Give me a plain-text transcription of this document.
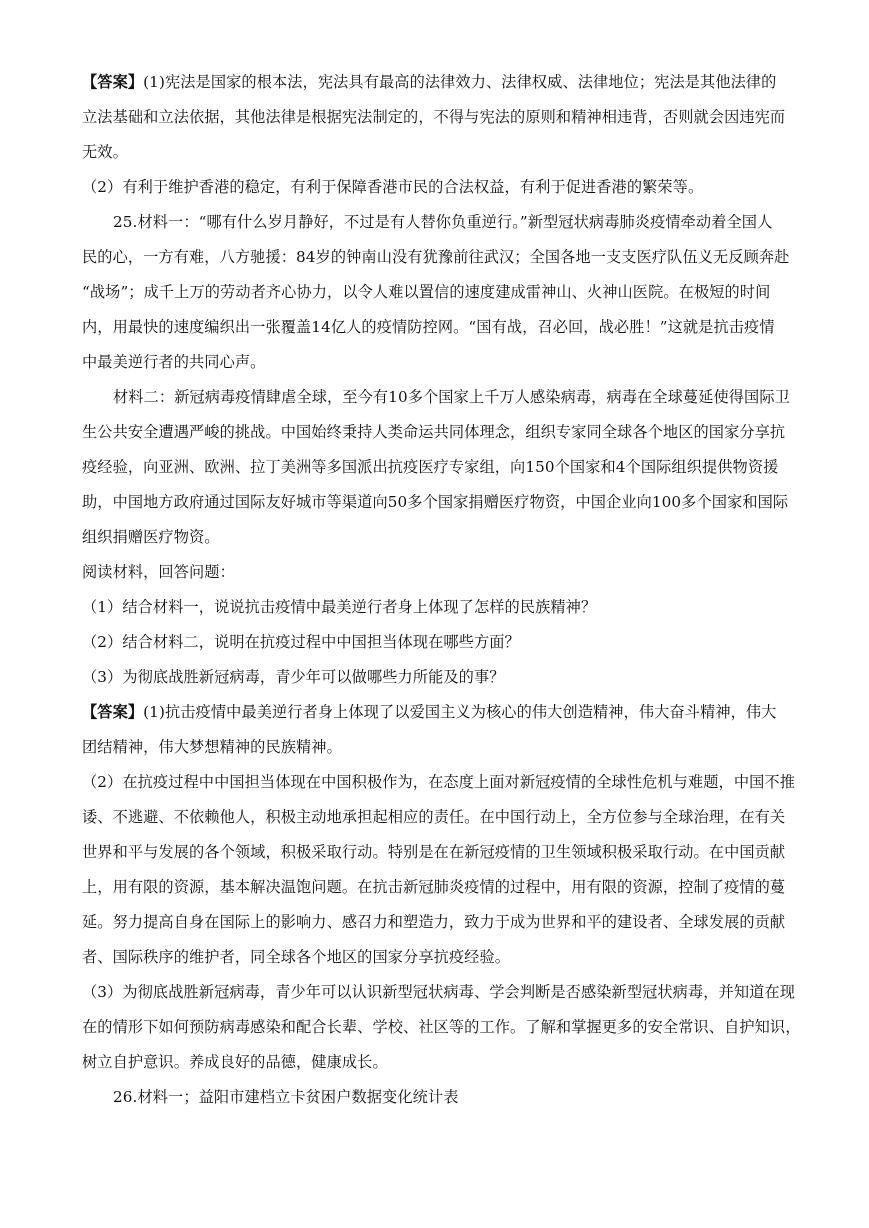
【答案】(1)宪法是国家的根本法，宪法具有最高的法律效力、法律权威、法律地位；宪法是其他法律的
立法基础和立法依据，其他法律是根据宪法制定的，不得与宪法的原则和精神相违背，否则就会因违宪而
无效。
（2）有利于维护香港的稳定，有利于保障香港市民的合法权益，有利于促进香港的繁荣等。
25.材料一：“哪有什么岁月静好，不过是有人替你负重逆行。”新型冠状病毒肺炎疫情牵动着全国人
民的心，一方有难，八方驰援：84岁的钟南山没有犹豫前往武汉；全国各地一支支医疗队伍义无反顾奔赴
“战场”；成千上万的劳动者齐心协力，以令人难以置信的速度建成雷神山、火神山医院。在极短的时间
内，用最快的速度编织出一张覆盖14亿人的疫情防控网。“国有战，召必回，战必胜！”这就是抗击疫情
中最美逆行者的共同心声。
材料二：新冠病毒疫情肆虐全球，至今有10多个国家上千万人感染病毒，病毒在全球蔓延使得国际卫
生公共安全遭遇严峻的挑战。中国始终秉持人类命运共同体理念，组织专家同全球各个地区的国家分享抗
疫经验，向亚洲、欧洲、拉丁美洲等多国派出抗疫医疗专家组，向150个国家和4个国际组织提供物资援
助，中国地方政府通过国际友好城市等渠道向50多个国家捐赠医疗物资，中国企业向100多个国家和国际
组织捐赠医疗物资。
阅读材料，回答问题：
（1）结合材料一，说说抗击疫情中最美逆行者身上体现了怎样的民族精神？
（2）结合材料二，说明在抗疫过程中中国担当体现在哪些方面？
（3）为彻底战胜新冠病毒，青少年可以做哪些力所能及的事？
【答案】(1)抗击疫情中最美逆行者身上体现了以爱国主义为核心的伟大创造精神，伟大奋斗精神，伟大
团结精神，伟大梦想精神的民族精神。
（2）在抗疫过程中中国担当体现在中国积极作为，在态度上面对新冠疫情的全球性危机与难题，中国不推
诿、不逃避、不依赖他人，积极主动地承担起相应的责任。在中国行动上，全方位参与全球治理，在有关
世界和平与发展的各个领域，积极采取行动。特别是在在新冠疫情的卫生领域积极采取行动。在中国贡献
上，用有限的资源，基本解决温饱问题。在抗击新冠肺炎疫情的过程中，用有限的资源，控制了疫情的蔓
延。努力提高自身在国际上的影响力、感召力和塑造力，致力于成为世界和平的建设者、全球发展的贡献
者、国际秩序的维护者，同全球各个地区的国家分享抗疫经验。
（3）为彻底战胜新冠病毒，青少年可以认识新型冠状病毒、学会判断是否感染新型冠状病毒，并知道在现
在的情形下如何预防病毒感染和配合长辈、学校、社区等的工作。了解和掌握更多的安全常识、自护知识，
树立自护意识。养成良好的品德，健康成长。
26.材料一；益阳市建档立卡贫困户数据变化统计表
